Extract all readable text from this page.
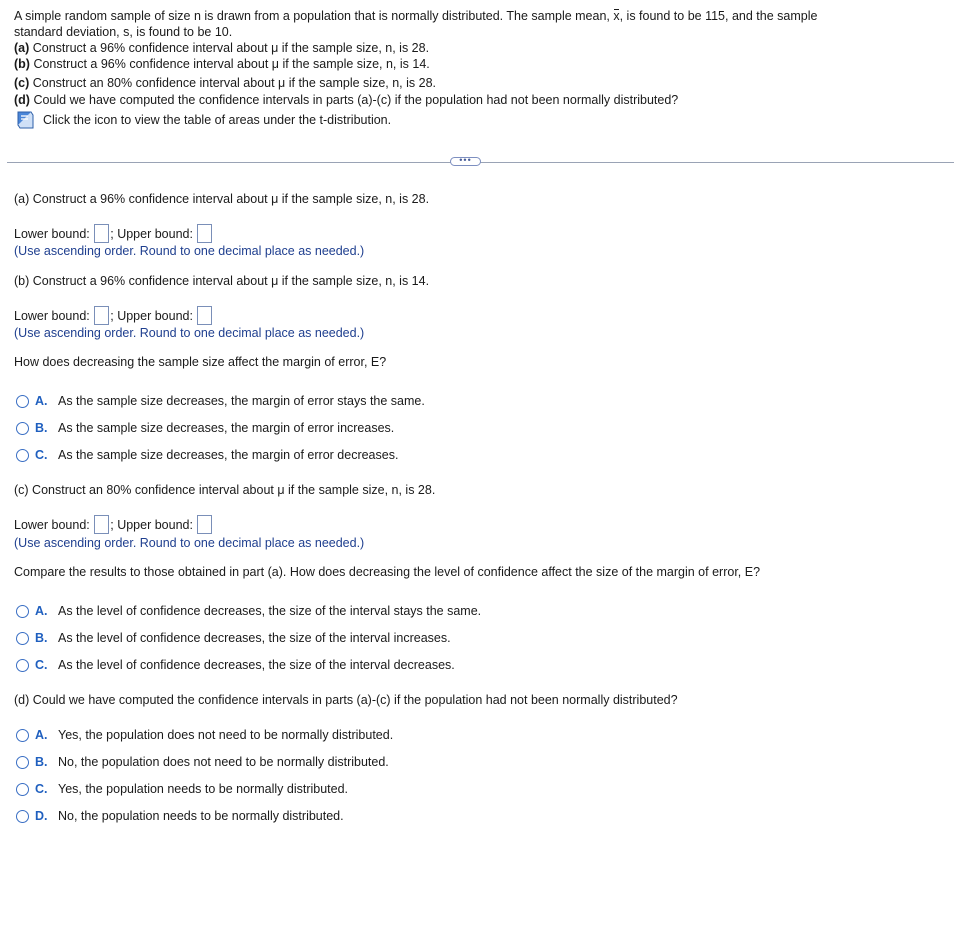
A simple random sample of size n is drawn from a population that is normally distributed. The sample mean, x, is found to be 115, and the sample
standard deviation, s, is found to be 10.
(a) Construct a 96% confidence interval about μ if the sample size, n, is 28.
(b) Construct a 96% confidence interval about μ if the sample size, n, is 14.
(c) Construct an 80% confidence interval about μ if the sample size, n, is 28.
(d) Could we have computed the confidence intervals in parts (a)-(c) if the population had not been normally distributed?
Click the icon to view the table of areas under the t-distribution.
•••
(a) Construct a 96% confidence interval about μ if the sample size, n, is 28.
Lower bound: ; Upper bound:
(Use ascending order. Round to one decimal place as needed.)
(b) Construct a 96% confidence interval about μ if the sample size, n, is 14.
Lower bound: ; Upper bound:
(Use ascending order. Round to one decimal place as needed.)
How does decreasing the sample size affect the margin of error, E?
A. As the sample size decreases, the margin of error stays the same.
B. As the sample size decreases, the margin of error increases.
C. As the sample size decreases, the margin of error decreases.
(c) Construct an 80% confidence interval about μ if the sample size, n, is 28.
Lower bound: ; Upper bound:
(Use ascending order. Round to one decimal place as needed.)
Compare the results to those obtained in part (a). How does decreasing the level of confidence affect the size of the margin of error, E?
A. As the level of confidence decreases, the size of the interval stays the same.
B. As the level of confidence decreases, the size of the interval increases.
C. As the level of confidence decreases, the size of the interval decreases.
(d) Could we have computed the confidence intervals in parts (a)-(c) if the population had not been normally distributed?
A. Yes, the population does not need to be normally distributed.
B. No, the population does not need to be normally distributed.
C. Yes, the population needs to be normally distributed.
D. No, the population needs to be normally distributed.
